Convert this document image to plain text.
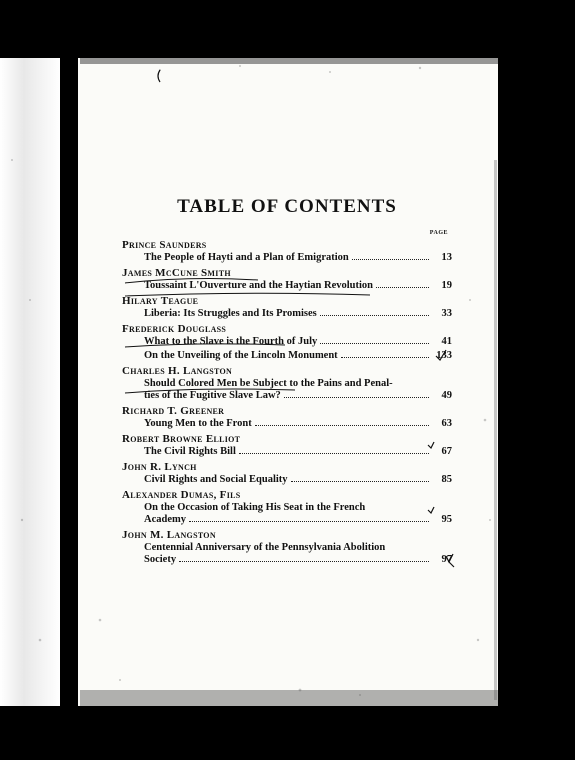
TABLE OF CONTENTS
PAGE
Prince Saunders
The People of Hayti and a Plan of Emigration	13
James McCune Smith
Toussaint L'Ouverture and the Haytian Revolution	19
Hilary Teague
Liberia: Its Struggles and Its Promises	33
Frederick Douglass
What to the Slave is the Fourth of July	41
On the Unveiling of the Lincoln Monument	133
Charles H. Langston
Should Colored Men be Subject to the Pains and Penal-
ties of the Fugitive Slave Law?	49
Richard T. Greener
Young Men to the Front	63
Robert Browne Elliot
The Civil Rights Bill	67
John R. Lynch
Civil Rights and Social Equality	85
Alexander Dumas, Fils
On the Occasion of Taking His Seat in the French
Academy	95
John M. Langston
Centennial Anniversary of the Pennsylvania Abolition
Society	97
